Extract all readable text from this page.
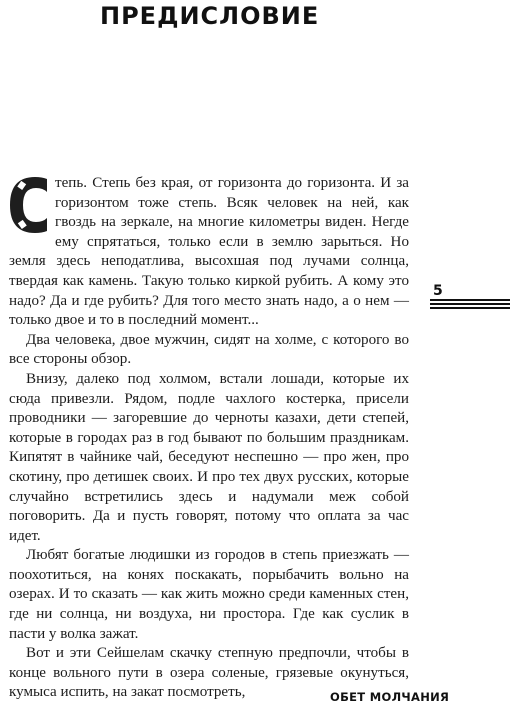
ПРЕДИСЛОВИЕ

тепь. Степь без края, от горизонта до горизонта. И за горизонтом тоже степь. Всяк человек на ней, как гвоздь на зеркале, на многие километры виден. Негде ему спрятаться, только если в землю зарыться. Но земля здесь неподатлива, высохшая под лучами солнца, твердая как камень. Такую только киркой рубить. А кому это надо? Да и где рубить? Для того место знать надо, а о нем — только двое и то в последний момент...

Два человека, двое мужчин, сидят на холме, с которого во все стороны обзор.

Внизу, далеко под холмом, встали лошади, которые их сюда привезли. Рядом, подле чахлого костерка, присели проводники — загоревшие до черноты казахи, дети степей, которые в городах раз в год бывают по большим праздникам. Кипятят в чайнике чай, беседуют неспешно — про жен, про скотину, про детишек своих. И про тех двух русских, которые случайно встретились здесь и надумали меж собой поговорить. Да и пусть говорят, потому что оплата за час идет.

Любят богатые людишки из городов в степь приезжать — поохотиться, на конях поскакать, порыбачить вольно на озерах. И то сказать — как жить можно среди каменных стен, где ни солнца, ни воздуха, ни простора. Где как суслик в пасти у волка зажат.

Вот и эти Сейшелам скачку степную предпочли, чтобы в конце вольного пути в озера соленые, грязевые окунуться, кумыса испить, на закат посмотреть,

5
ОБЕТ МОЛЧАНИЯ
